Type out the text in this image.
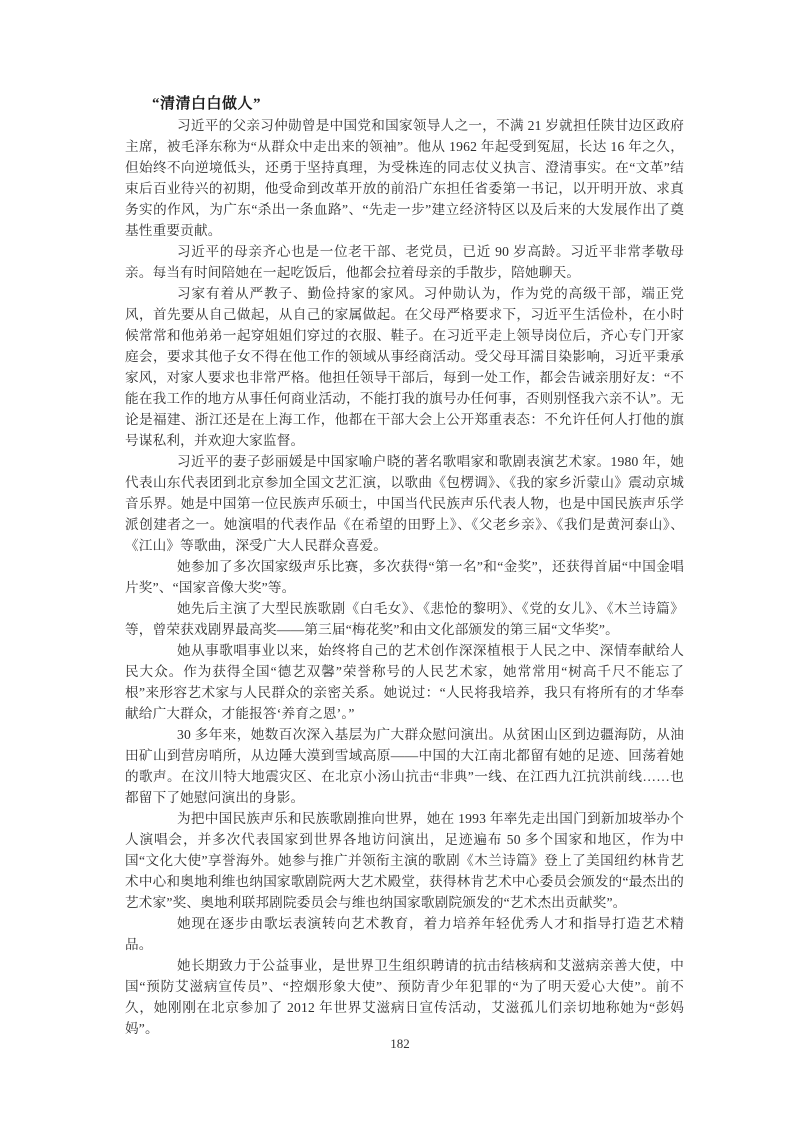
“清清白白做人”

习近平的父亲习仲勋曾是中国党和国家领导人之一，不满 21 岁就担任陕甘边区政府主席，被毛泽东称为“从群众中走出来的领袖”。他从 1962 年起受到冤屈，长达 16 年之久，但始终不向逆境低头，还勇于坚持真理，为受株连的同志仗义执言、澄清事实。在“文革”结束后百业待兴的初期，他受命到改革开放的前沿广东担任省委第一书记，以开明开放、求真务实的作风，为广东“杀出一条血路”、“先走一步”建立经济特区以及后来的大发展作出了奠基性重要贡献。

习近平的母亲齐心也是一位老干部、老党员，已近 90 岁高龄。习近平非常孝敬母亲。每当有时间陪她在一起吃饭后，他都会拉着母亲的手散步，陪她聊天。

习家有着从严教子、勤俭持家的家风。习仲勋认为，作为党的高级干部，端正党风，首先要从自己做起，从自己的家属做起。在父母严格要求下，习近平生活俭朴，在小时候常常和他弟弟一起穿姐姐们穿过的衣服、鞋子。在习近平走上领导岗位后，齐心专门开家庭会，要求其他子女不得在他工作的领域从事经商活动。受父母耳濡目染影响，习近平秉承家风，对家人要求也非常严格。他担任领导干部后，每到一处工作，都会告诫亲朋好友：“不能在我工作的地方从事任何商业活动，不能打我的旗号办任何事，否则别怪我六亲不认”。无论是福建、浙江还是在上海工作，他都在干部大会上公开郑重表态：不允许任何人打他的旗号谋私利，并欢迎大家监督。

习近平的妻子彭丽媛是中国家喻户晓的著名歌唱家和歌剧表演艺术家。1980 年，她代表山东代表团到北京参加全国文艺汇演，以歌曲《包楞调》、《我的家乡沂蒙山》震动京城音乐界。她是中国第一位民族声乐硕士，中国当代民族声乐代表人物，也是中国民族声乐学派创建者之一。她演唱的代表作品《在希望的田野上》、《父老乡亲》、《我们是黄河泰山》、《江山》等歌曲，深受广大人民群众喜爱。

她参加了多次国家级声乐比赛，多次获得“第一名”和“金奖”，还获得首届“中国金唱片奖”、“国家音像大奖”等。

她先后主演了大型民族歌剧《白毛女》、《悲怆的黎明》、《党的女儿》、《木兰诗篇》等，曾荣获戏剧界最高奖——第三届“梅花奖”和由文化部颁发的第三届“文华奖”。

她从事歌唱事业以来，始终将自己的艺术创作深深植根于人民之中、深情奉献给人民大众。作为获得全国“德艺双馨”荣誉称号的人民艺术家，她常常用“树高千尺不能忘了根”来形容艺术家与人民群众的亲密关系。她说过：“人民将我培养，我只有将所有的才华奉献给广大群众，才能报答‘养育之恩’。”

30 多年来，她数百次深入基层为广大群众慰问演出。从贫困山区到边疆海防，从油田矿山到营房哨所，从边陲大漠到雪域高原——中国的大江南北都留有她的足迹、回荡着她的歌声。在汶川特大地震灾区、在北京小汤山抗击“非典”一线、在江西九江抗洪前线……也都留下了她慰问演出的身影。

为把中国民族声乐和民族歌剧推向世界，她在 1993 年率先走出国门到新加坡举办个人演唱会，并多次代表国家到世界各地访问演出，足迹遍布 50 多个国家和地区，作为中国“文化大使”享誉海外。她参与推广并领衔主演的歌剧《木兰诗篇》登上了美国纽约林肯艺术中心和奥地利维也纳国家歌剧院两大艺术殿堂，获得林肯艺术中心委员会颁发的“最杰出的艺术家”奖、奥地利联邦剧院委员会与维也纳国家歌剧院颁发的“艺术杰出贡献奖”。

她现在逐步由歌坛表演转向艺术教育，着力培养年轻优秀人才和指导打造艺术精品。

她长期致力于公益事业，是世界卫生组织聘请的抗击结核病和艾滋病亲善大使，中国“预防艾滋病宣传员”、“控烟形象大使”、预防青少年犯罪的“为了明天爱心大使”。前不久，她刚刚在北京参加了 2012 年世界艾滋病日宣传活动，艾滋孤儿们亲切地称她为“彭妈妈”。

182
